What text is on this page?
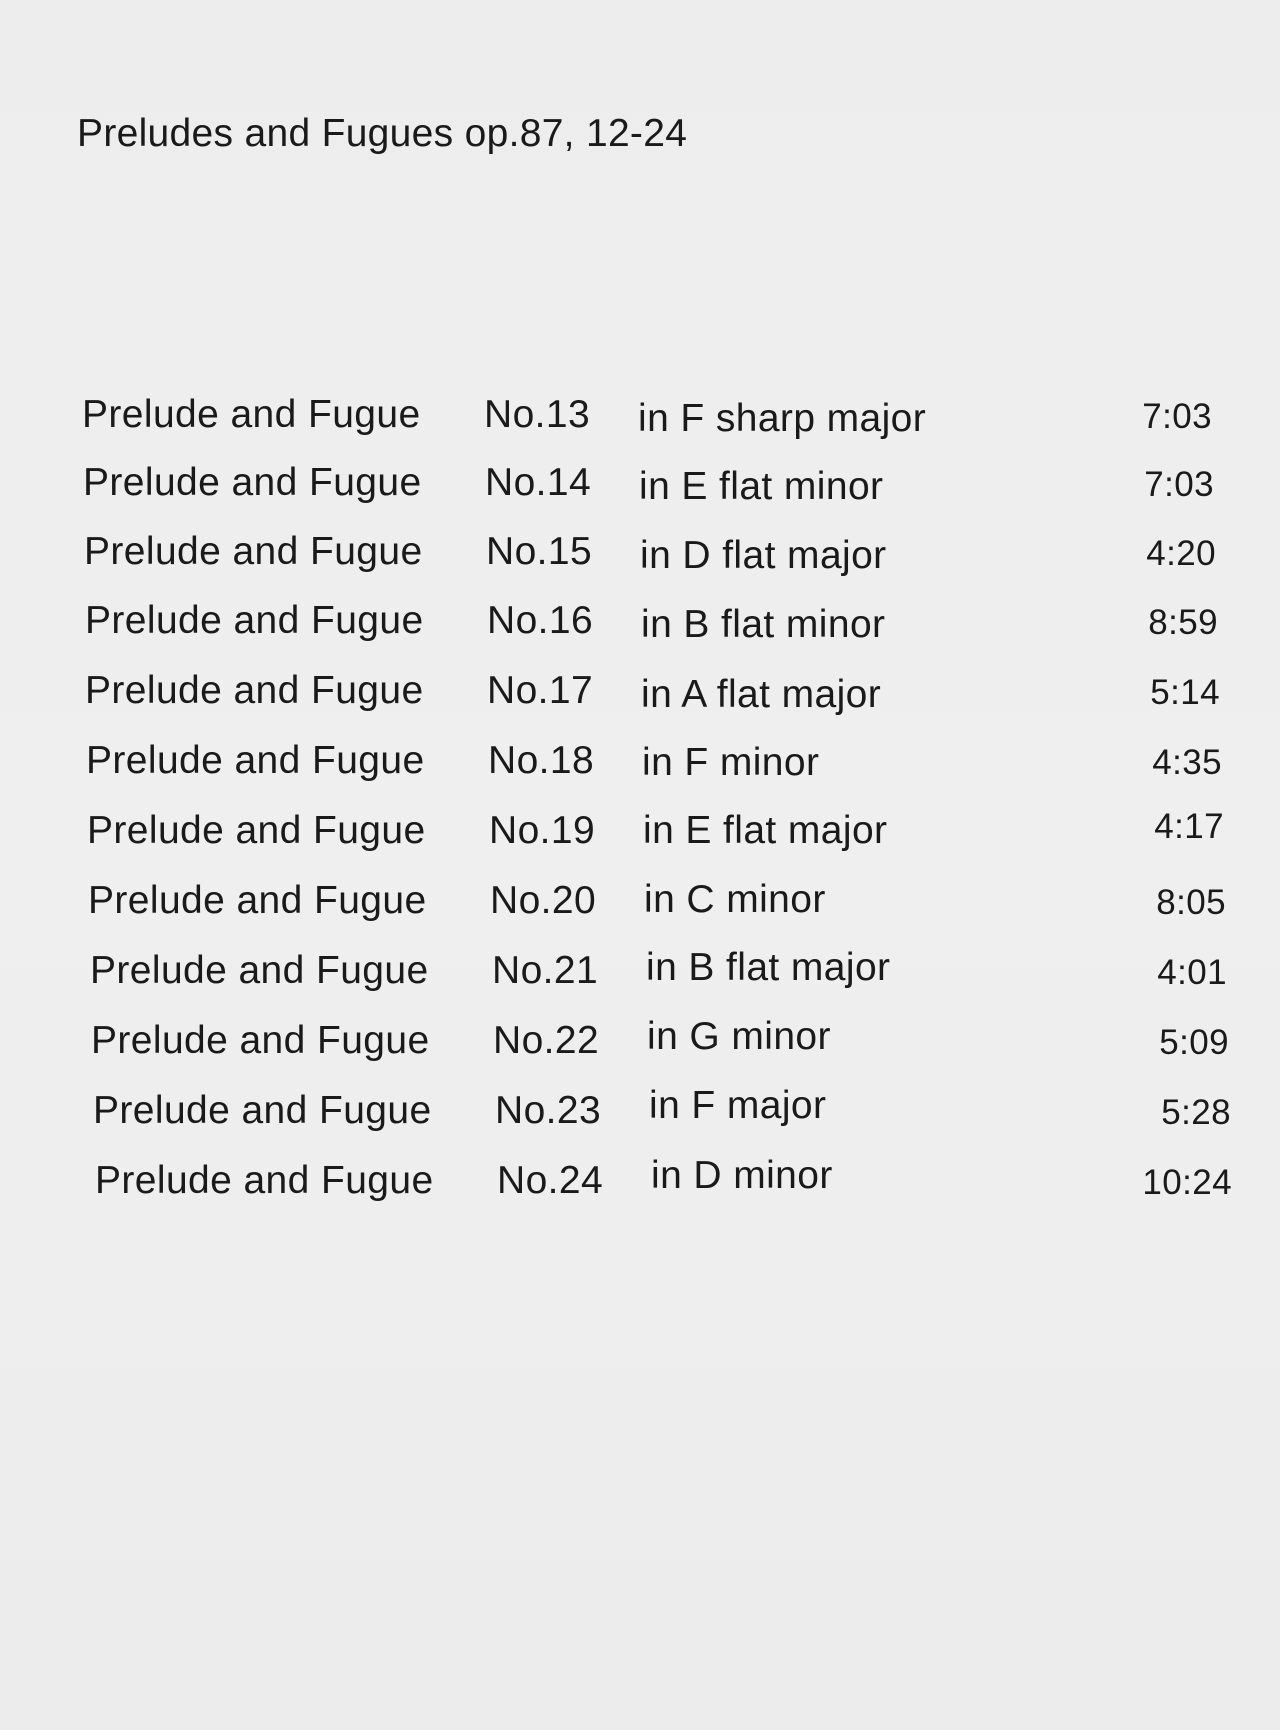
Preludes and Fugues op.87, 12-24
Prelude and Fugue No.13 in F sharp major	7:03
Prelude and Fugue No.14 in E flat minor	7:03
Prelude and Fugue No.15 in D flat major	4:20
Prelude and Fugue No.16 in B flat minor	8:59
Prelude and Fugue No.17 in A flat major	5:14
Prelude and Fugue No.18 in F minor	4:35
Prelude and Fugue No.19 in E flat major	4:17
Prelude and Fugue No.20 in C minor	8:05
Prelude and Fugue No.21 in B flat major	4:01
Prelude and Fugue No.22 in G minor	5:09
Prelude and Fugue No.23 in F major	5:28
Prelude and Fugue No.24 in D minor	10:24
